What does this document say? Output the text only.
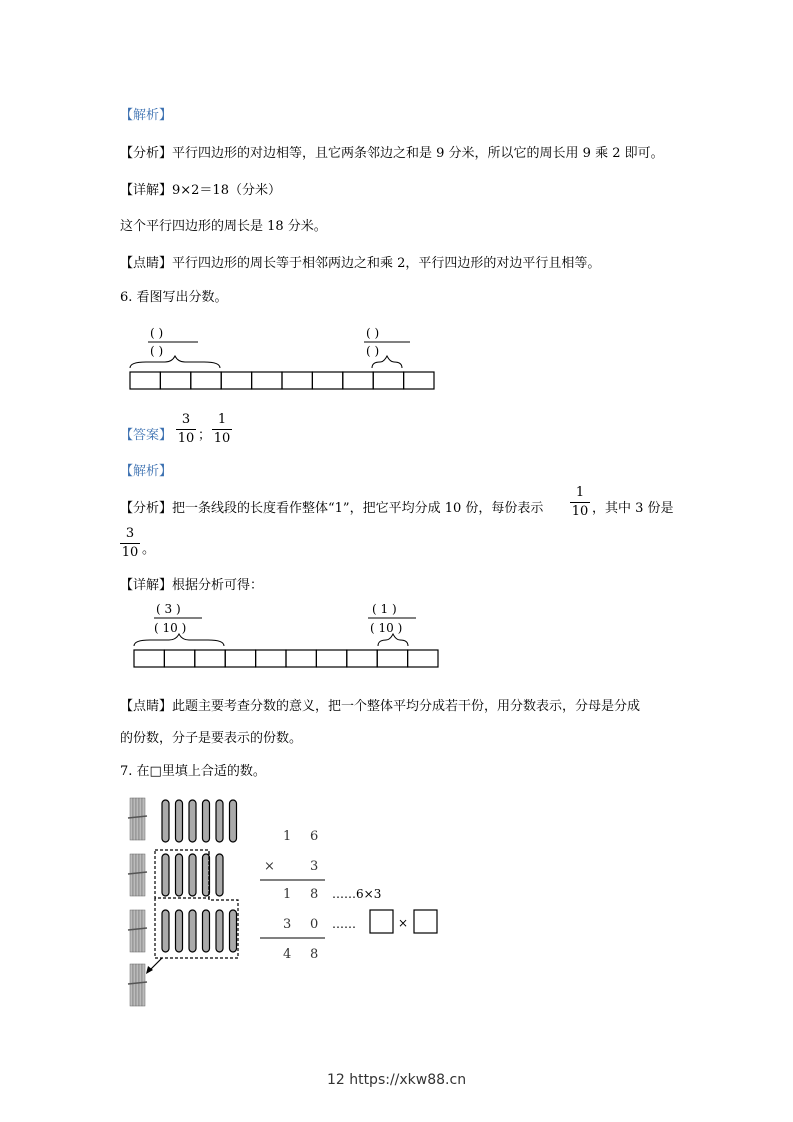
【解析】
【分析】平行四边形的对边相等，且它两条邻边之和是 9 分米，所以它的周长用 9 乘 2 即可。
【详解】9×2＝18（分米）
这个平行四边形的周长是 18 分米。
【点睛】平行四边形的周长等于相邻两边之和乘 2，平行四边形的对边平行且相等。
6. 看图写出分数。
( )
( )
( )
( )
【答案】
3
10 ；
1
10
【解析】
【分析】把一条线段的长度看作整体“1”，把它平均分成 10 份，每份表示
1
10 ，其中 3 份是
3
10 。
【详解】根据分析可得：
( 3 )
( 10 )
( 1 )
( 10 )
【点睛】此题主要考查分数的意义，把一个整体平均分成若干份，用分数表示，分母是分成
的份数，分子是要表示的份数。
7. 在□里填上合适的数。
1 6
×	3
1 8 ……6×3
3 0 ……	×
4 8
12 https://xkw88.cn
